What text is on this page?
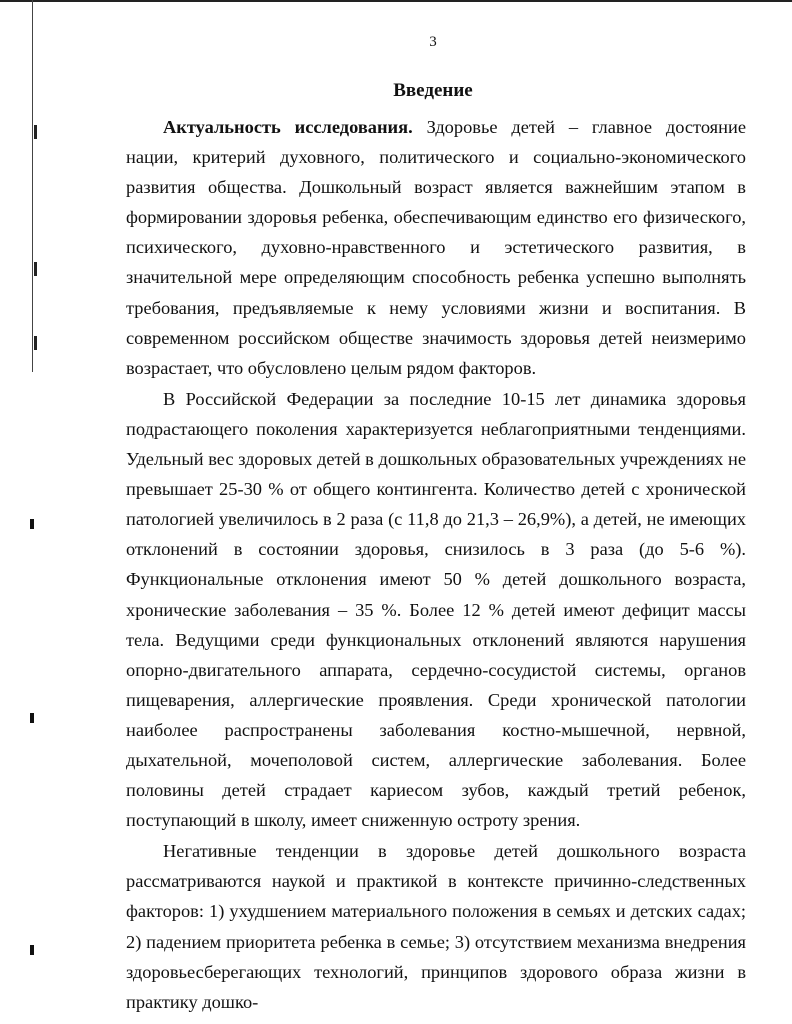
3
Введение

Актуальность исследования. Здоровье детей – главное достояние нации, критерий духовного, политического и социально-экономического развития общества. Дошкольный возраст является важнейшим этапом в формировании здоровья ребенка, обеспечивающим единство его физического, психического, духовно-нравственного и эстетического развития, в значительной мере определяющим способность ребенка успешно выполнять требования, предъявляемые к нему условиями жизни и воспитания. В современном российском обществе значимость здоровья детей неизмеримо возрастает, что обусловлено целым рядом факторов.

В Российской Федерации за последние 10-15 лет динамика здоровья подрастающего поколения характеризуется неблагоприятными тенденциями. Удельный вес здоровых детей в дошкольных образовательных учреждениях не превышает 25-30 % от общего контингента. Количество детей с хронической патологией увеличилось в 2 раза (с 11,8 до 21,3 – 26,9%), а детей, не имеющих отклонений в состоянии здоровья, снизилось в 3 раза (до 5-6 %). Функциональные отклонения имеют 50 % детей дошкольного возраста, хронические заболевания – 35 %. Более 12 % детей имеют дефицит массы тела. Ведущими среди функциональных отклонений являются нарушения опорно-двигательного аппарата, сердечно-сосудистой системы, органов пищеварения, аллергические проявления. Среди хронической патологии наиболее распространены заболевания костно-мышечной, нервной, дыхательной, мочеполовой систем, аллергические заболевания. Более половины детей страдает кариесом зубов, каждый третий ребенок, поступающий в школу, имеет сниженную остроту зрения.

Негативные тенденции в здоровье детей дошкольного возраста рассматриваются наукой и практикой в контексте причинно-следственных факторов: 1) ухудшением материального положения в семьях и детских садах; 2) падением приоритета ребенка в семье; 3) отсутствием механизма внедрения здоровьесберегающих технологий, принципов здорового образа жизни в практику дошко-
